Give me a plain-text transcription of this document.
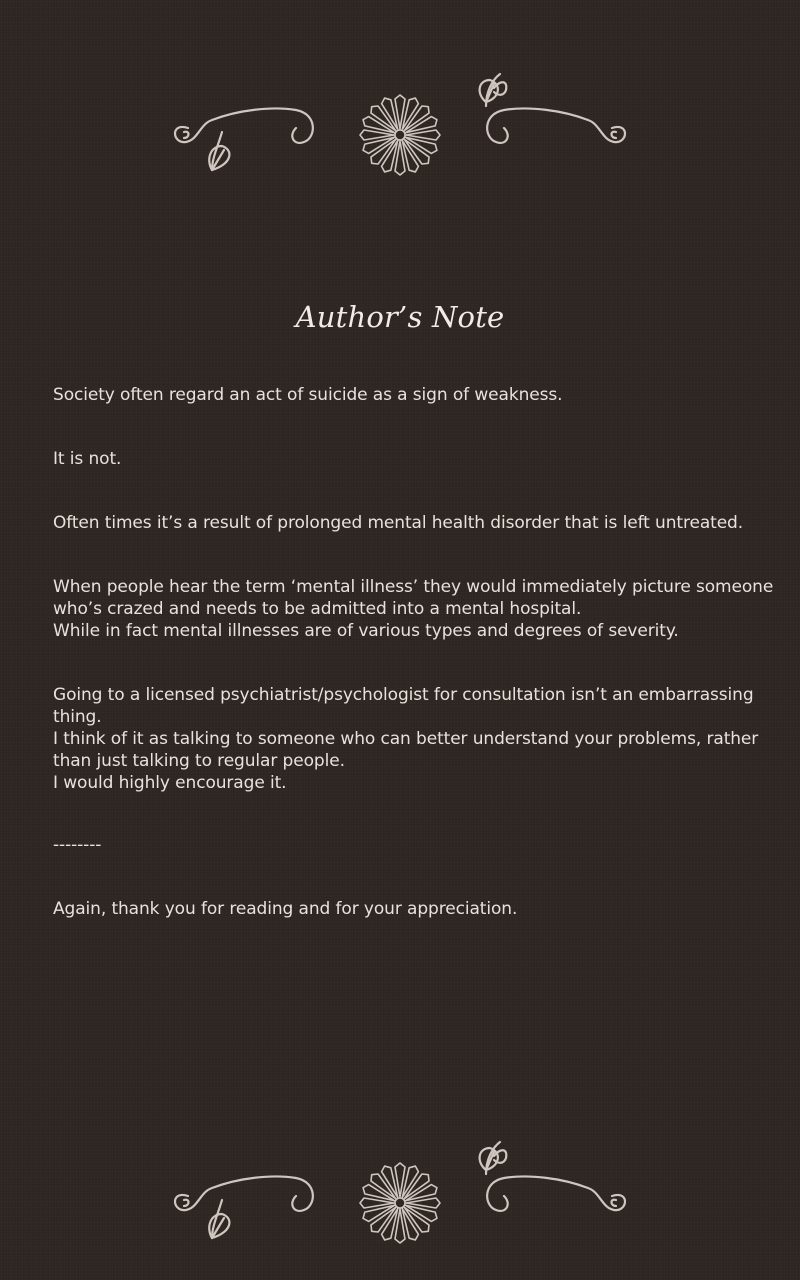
Author’s Note

Society often regard an act of suicide as a sign of weakness.

It is not.

Often times it’s a result of prolonged mental health disorder that is left untreated.

When people hear the term ‘mental illness’ they would immediately picture someone who’s crazed and needs to be admitted into a mental hospital.

While in fact mental illnesses are of various types and degrees of severity.

Going to a licensed psychiatrist/psychologist for consultation isn’t an embarrassing thing.

I think of it as talking to someone who can better understand your problems, rather than just talking to regular people.

I would highly encourage it.

--------

Again, thank you for reading and for your appreciation.
